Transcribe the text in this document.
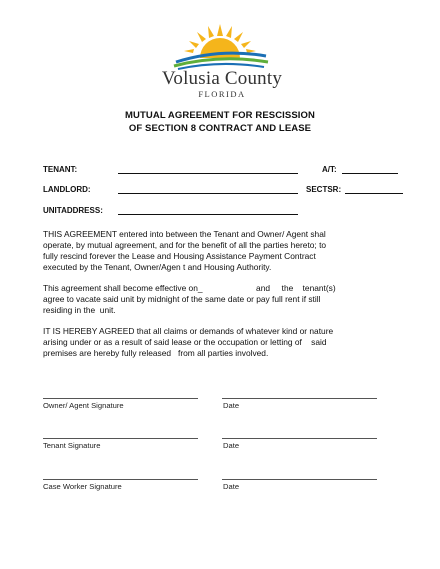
Volusia County
FLORIDA
MUTUAL AGREEMENT FOR RESCISSION
OF SECTION 8 CONTRACT AND LEASE
TENANT:	A/T:
LANDLORD:	SECTSR:
UNITADDRESS:
THIS AGREEMENT entered into between the Tenant and Owner/ Agent shal
operate, by mutual agreement, and for the benefit of all the parties hereto; to
fully rescind forever the Lease and Housing Assistance Payment Contract
executed by the Tenant, Owner/Agen t and Housing Authority.
This agreement shall become effective on_                       and     the    tenant(s)
agree to vacate said unit by midnight of the same date or pay full rent if still
residing in the  unit.
IT IS HEREBY AGREED that all claims or demands of whatever kind or nature
arising under or as a result of said lease or the occupation or letting of    said
premises are hereby fully released   from all parties involved.
Owner/ Agent Signature	Date
Tenant Signature	Date
Case Worker Signature	Date
